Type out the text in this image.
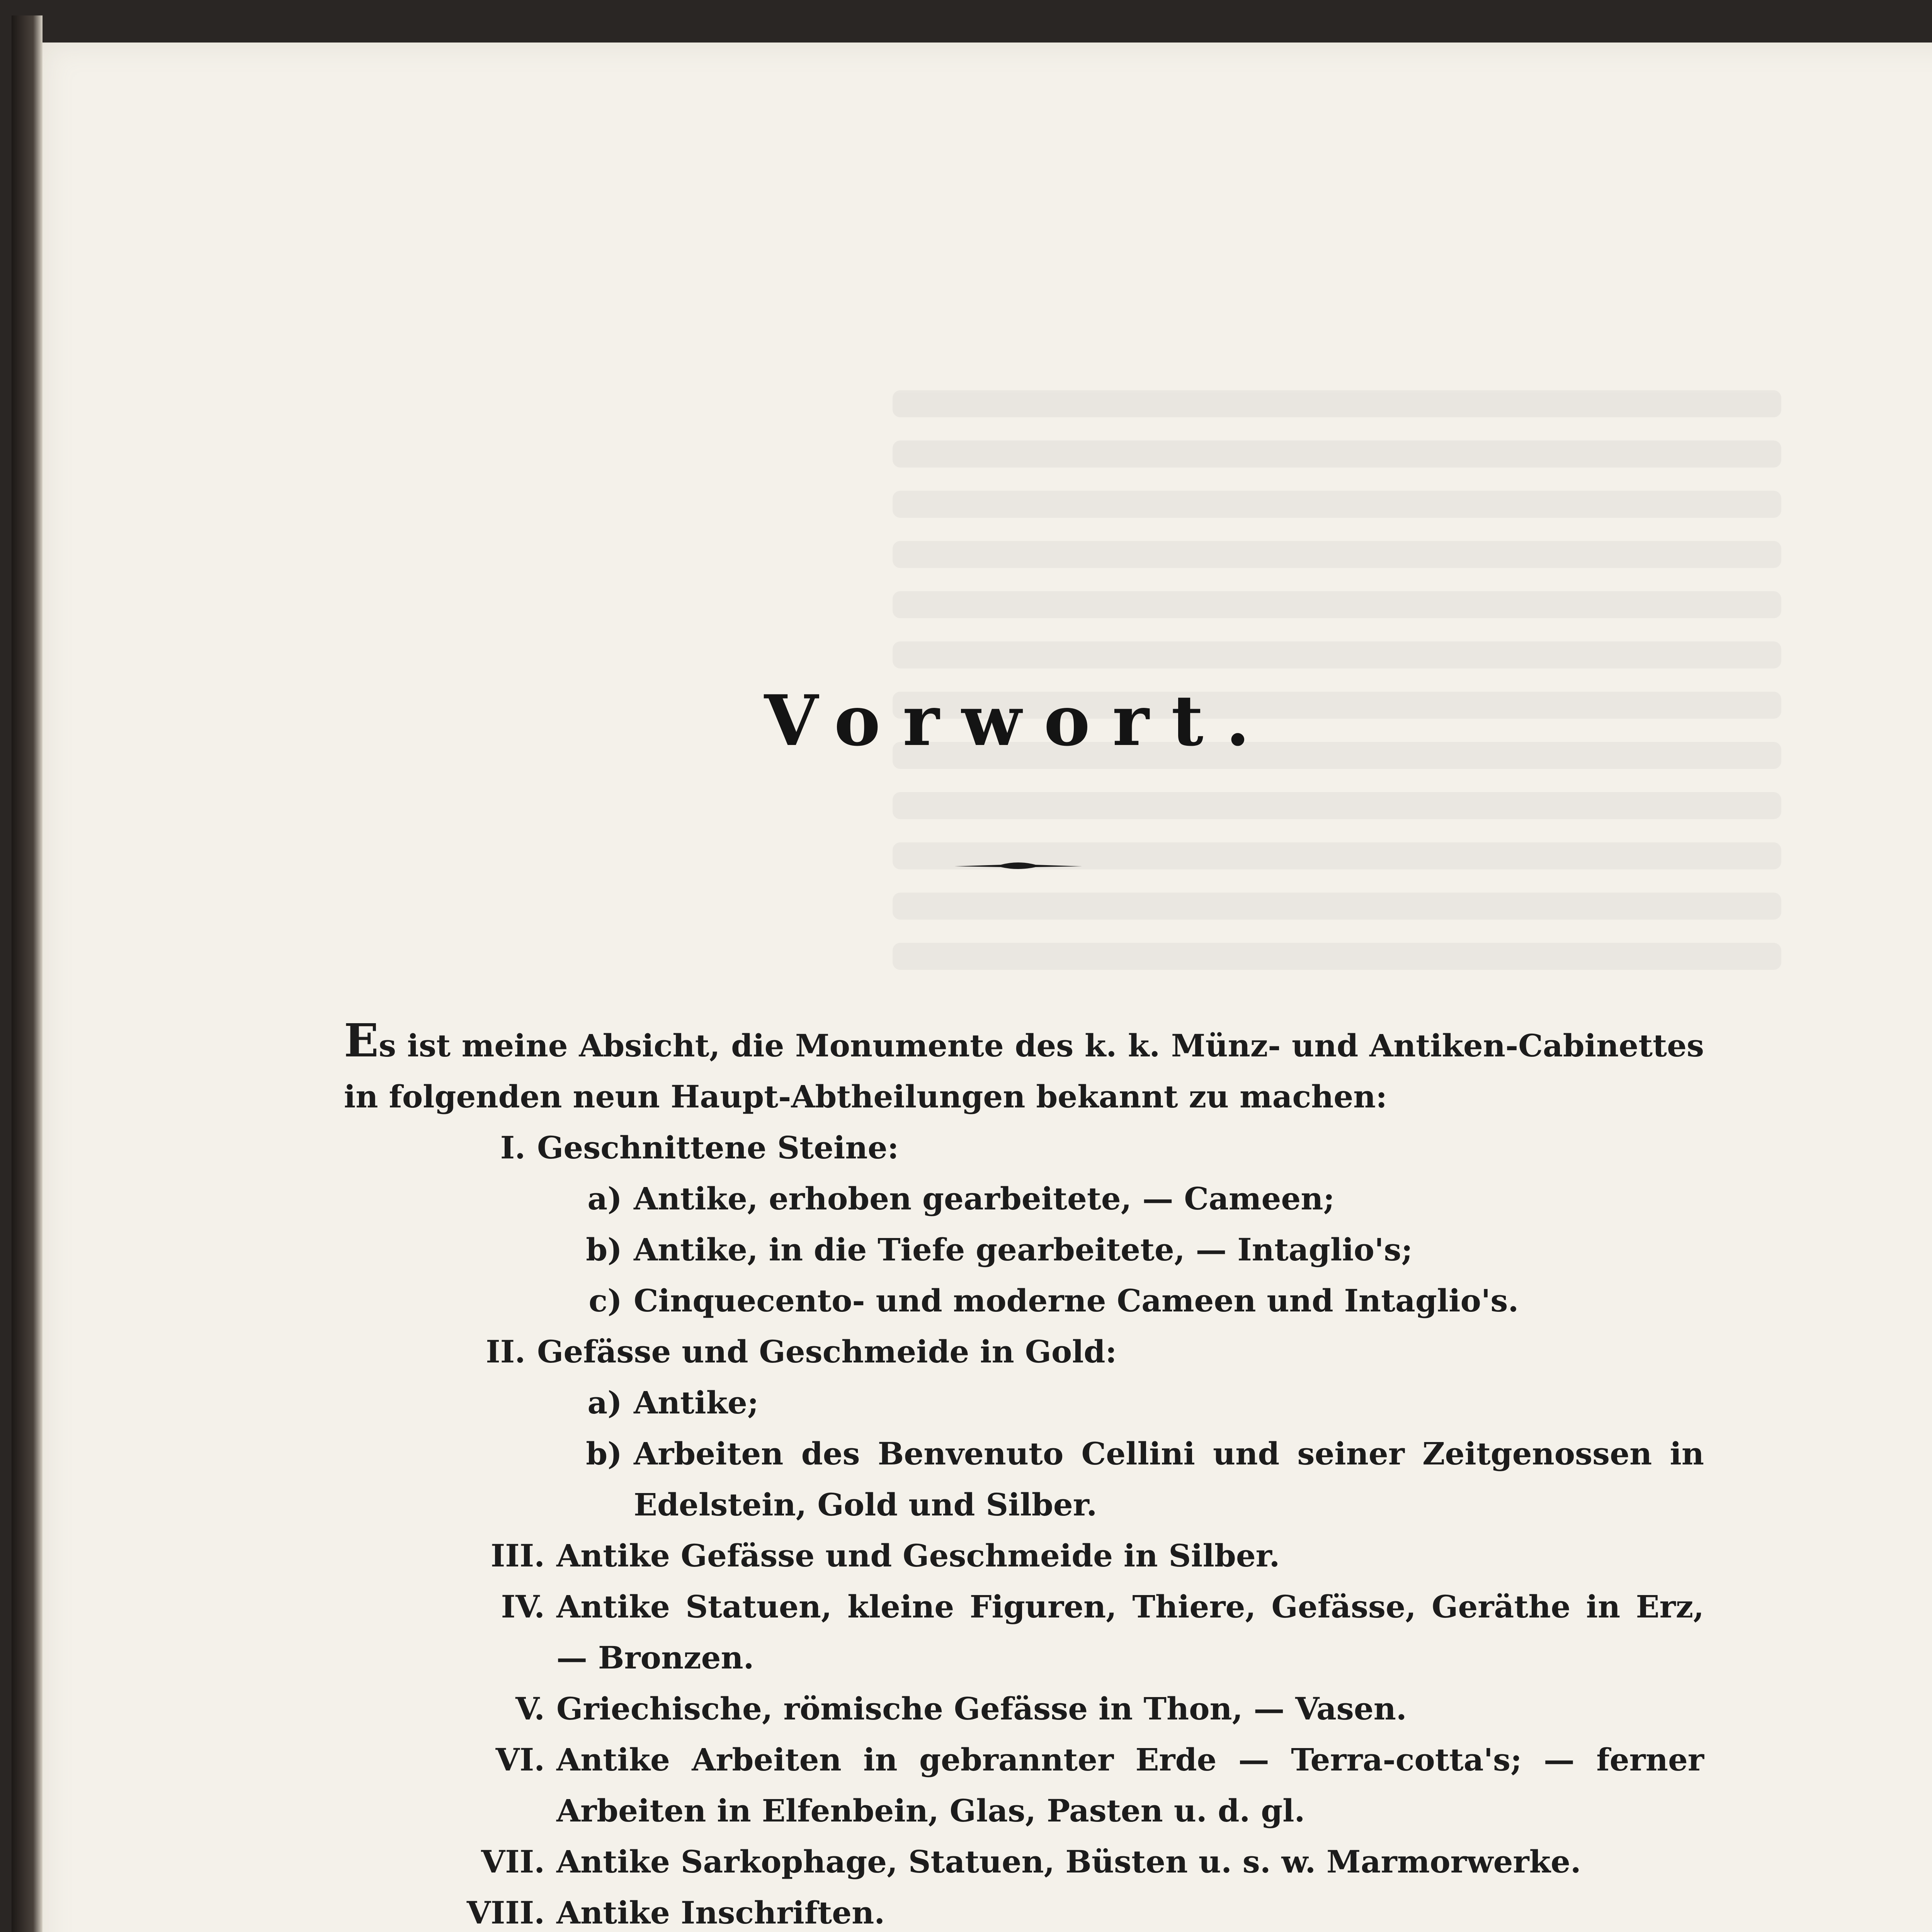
Vorwort.

Es ist meine Absicht, die Monumente des k. k. Münz- und Antiken-Cabinettes in folgenden neun Haupt-Abtheilungen bekannt zu machen:

I. Geschnittene Steine:
a) Antike, erhoben gearbeitete, — Cameen;
b) Antike, in die Tiefe gearbeitete, — Intaglio's;
c) Cinquecento- und moderne Cameen und Intaglio's.
II. Gefässe und Geschmeide in Gold:
a) Antike;
b) Arbeiten des Benvenuto Cellini und seiner Zeitgenossen in Edelstein, Gold und Silber.
III. Antike Gefässe und Geschmeide in Silber.
IV. Antike Statuen, kleine Figuren, Thiere, Gefässe, Geräthe in Erz, — Bronzen.
V. Griechische, römische Gefässe in Thon, — Vasen.
VI. Antike Arbeiten in gebrannter Erde — Terra-cotta's; — ferner Arbeiten in Elfenbein, Glas, Pasten u. d. gl.
VII. Antike Sarkophage, Statuen, Büsten u. s. w. Marmorwerke.
VIII. Antike Inschriften.
